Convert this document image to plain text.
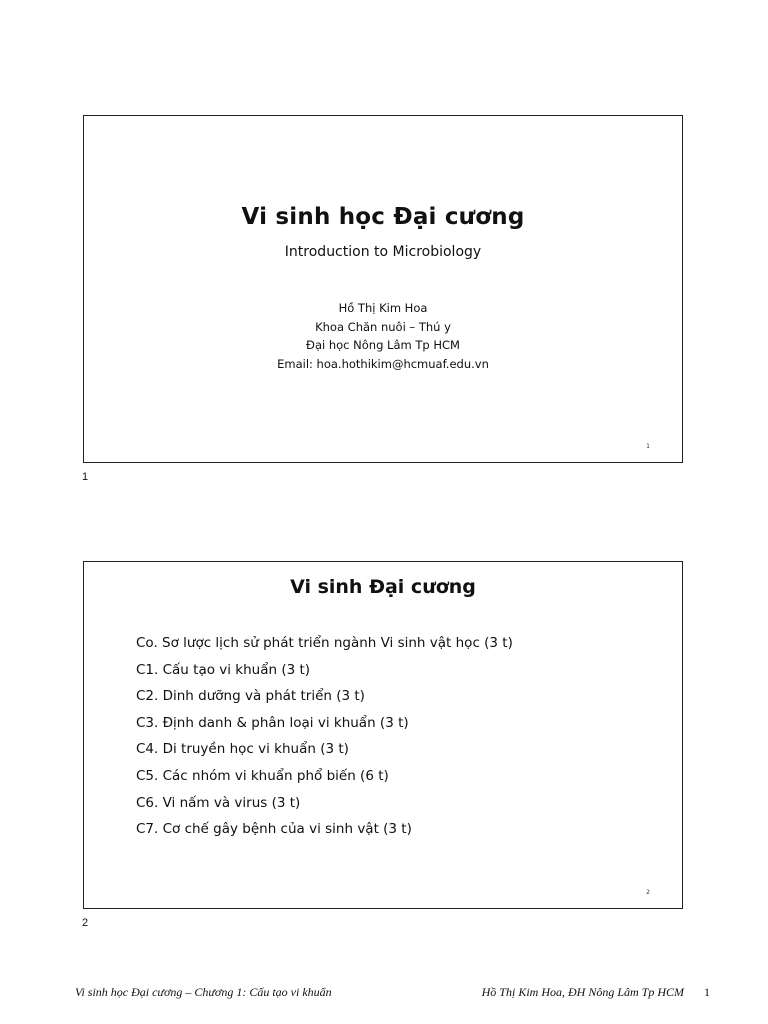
Vi sinh học Đại cương
Introduction to Microbiology
Hồ Thị Kim Hoa
Khoa Chăn nuôi – Thú y
Đại học Nông Lâm Tp HCM
Email: hoa.hothikim@hcmuaf.edu.vn
1
1
Vi sinh Đại cương
Co. Sơ lược lịch sử phát triển ngành Vi sinh vật học (3 t)
C1. Cấu tạo vi khuẩn (3 t)
C2. Dinh dưỡng và phát triển (3 t)
C3. Định danh & phân loại vi khuẩn (3 t)
C4. Di truyền học vi khuẩn (3 t)
C5. Các nhóm vi khuẩn phổ biến (6 t)
C6. Vi nấm và virus (3 t)
C7. Cơ chế gây bệnh của vi sinh vật (3 t)
2
2
Vi sinh học Đại cương – Chương 1: Cấu tạo vi khuẩn	Hồ Thị Kim Hoa, ĐH Nông Lâm Tp HCM 1
